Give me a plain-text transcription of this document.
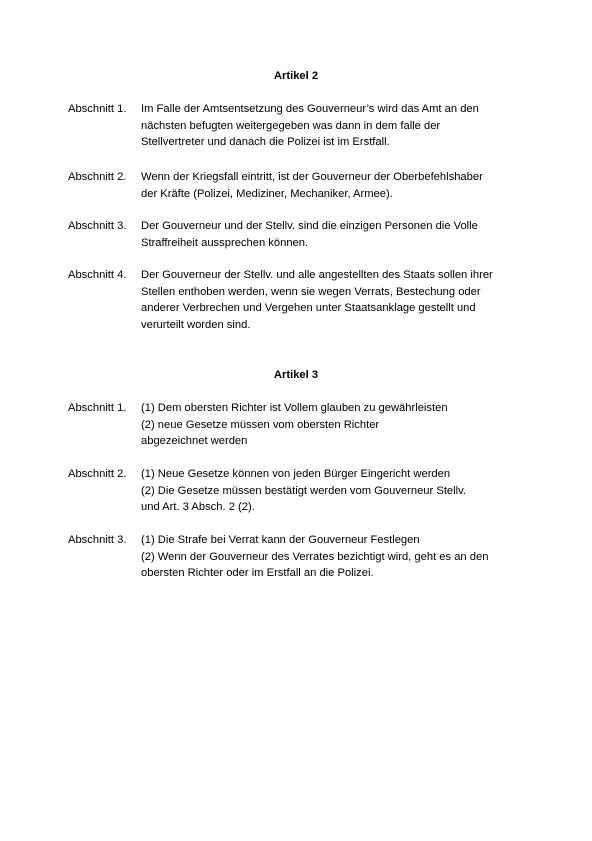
Artikel 2
Abschnitt 1. Im Falle der Amtsentsetzung des Gouverneur’s wird das Amt an den
nächsten befugten weitergegeben was dann in dem falle der
Stellvertreter und danach die Polizei ist im Erstfall.
Abschnitt 2. Wenn der Kriegsfall eintritt, ist der Gouverneur der Oberbefehlshaber
der Kräfte (Polizei, Mediziner, Mechaniker, Armee).
Abschnitt 3. Der Gouverneur und der Stellv. sind die einzigen Personen die Volle
Straffreiheit aussprechen können.
Abschnitt 4. Der Gouverneur der Stellv. und alle angestellten des Staats sollen ihrer
Stellen enthoben werden, wenn sie wegen Verrats, Bestechung oder
anderer Verbrechen und Vergehen unter Staatsanklage gestellt und
verurteilt worden sind.
Artikel 3
Abschnitt 1. (1) Dem obersten Richter ist Vollem glauben zu gewährleisten
(2) neue Gesetze müssen vom obersten Richter
abgezeichnet werden
Abschnitt 2. (1) Neue Gesetze können von jeden Bürger Eingericht werden
(2) Die Gesetze müssen bestätigt werden vom Gouverneur Stellv.
und Art. 3 Absch. 2 (2).
Abschnitt 3. (1) Die Strafe bei Verrat kann der Gouverneur Festlegen
(2) Wenn der Gouverneur des Verrates bezichtigt wird, geht es an den
obersten Richter oder im Erstfall an die Polizei.
